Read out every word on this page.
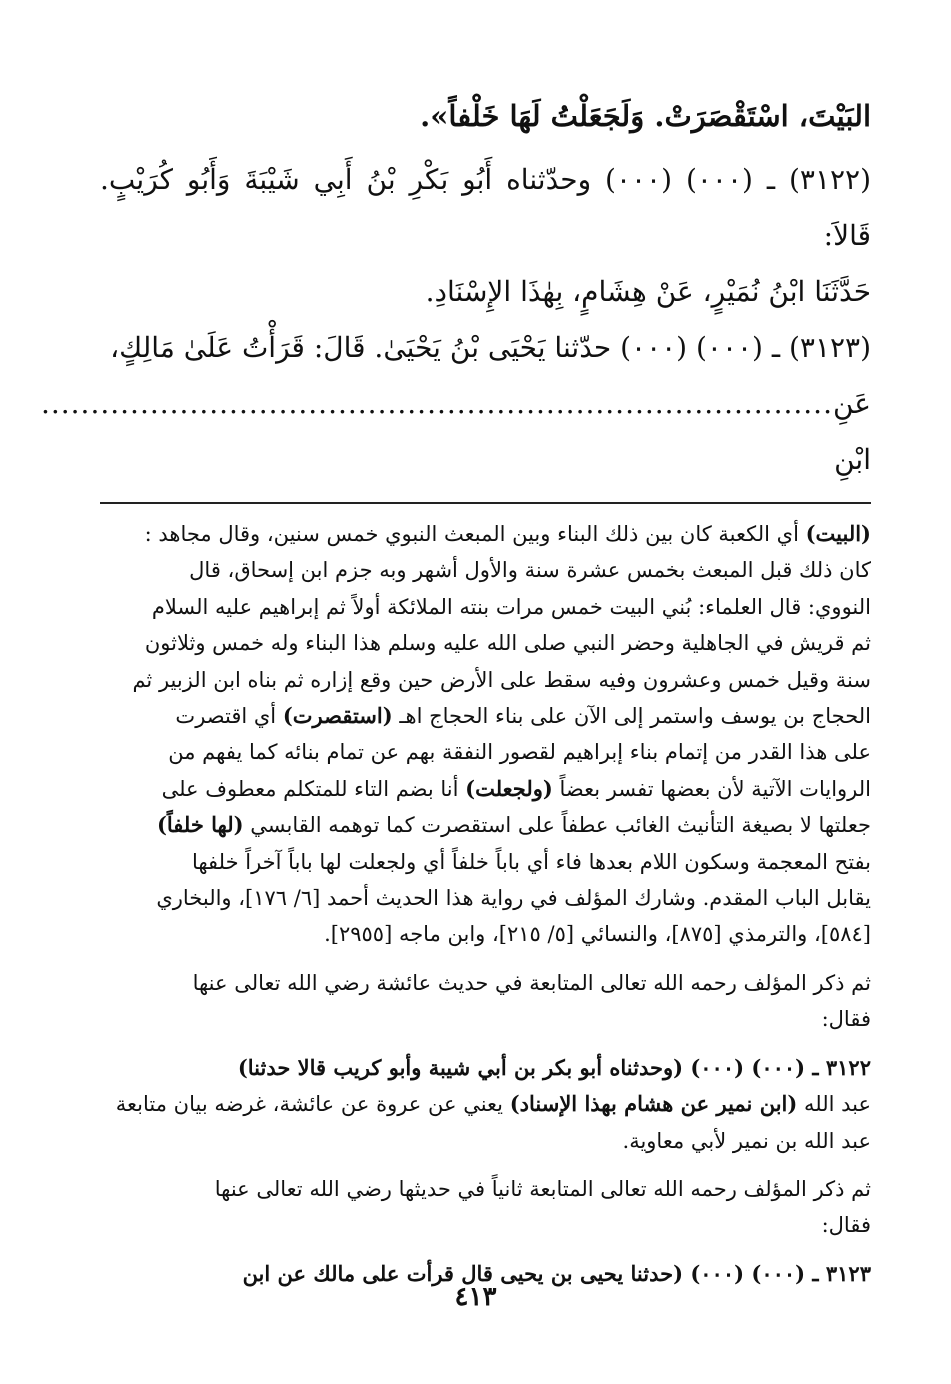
البَيْتَ، اسْتَقْصَرَتْ. وَلَجَعَلْتُ لَهَا خَلْفاً».

(٣١٢٢) ـ (٠٠٠) (٠٠٠) وحدّثناه أَبُو بَكْرِ بْنُ أَبِي شَيْبَةَ وَأَبُو كُرَيْبٍ. قَالاَ:

حَدَّثَنَا ابْنُ نُمَيْرٍ، عَنْ هِشَامٍ، بِهٰذَا الإِسْنَادِ.

(٣١٢٣) ـ (٠٠٠) (٠٠٠) حدّثنا يَحْيَى بْنُ يَحْيَىٰ. قَالَ: قَرَأْتُ عَلَىٰ مَالِكٍ،

عَنِ ابْنِ
................................................................................

(البيت) أي الكعبة كان بين ذلك البناء وبين المبعث النبوي خمس سنين، وقال مجاهد :

كان ذلك قبل المبعث بخمس عشرة سنة والأول أشهر وبه جزم ابن إسحاق، قال

النووي: قال العلماء: بُني البيت خمس مرات بنته الملائكة أولاً ثم إبراهيم عليه السلام

ثم قريش في الجاهلية وحضر النبي صلى الله عليه وسلم هذا البناء وله خمس وثلاثون

سنة وقيل خمس وعشرون وفيه سقط على الأرض حين وقع إزاره ثم بناه ابن الزبير ثم

الحجاج بن يوسف واستمر إلى الآن على بناء الحجاج اهـ (استقصرت) أي اقتصرت

على هذا القدر من إتمام بناء إبراهيم لقصور النفقة بهم عن تمام بنائه كما يفهم من

الروايات الآتية لأن بعضها تفسر بعضاً (ولجعلت) أنا بضم التاء للمتكلم معطوف على

جعلتها لا بصيغة التأنيث الغائب عطفاً على استقصرت كما توهمه القابسي (لها خلفاً)

بفتح المعجمة وسكون اللام بعدها فاء أي باباً خلفاً أي ولجعلت لها باباً آخراً خلفها

يقابل الباب المقدم. وشارك المؤلف في رواية هذا الحديث أحمد [٦/ ١٧٦]، والبخاري

[٥٨٤]، والترمذي [٨٧٥]، والنسائي [٥/ ٢١٥]، وابن ماجه [٢٩٥٥].

ثم ذكر المؤلف رحمه الله تعالى المتابعة في حديث عائشة رضي الله تعالى عنها

فقال:

٣١٢٢ ـ (٠٠٠) (٠٠٠) (وحدثناه أبو بكر بن أبي شيبة وأبو كريب قالا حدثنا)

عبد الله (ابن نمير عن هشام بهذا الإسناد) يعني عن عروة عن عائشة، غرضه بيان متابعة

عبد الله بن نمير لأبي معاوية.

ثم ذكر المؤلف رحمه الله تعالى المتابعة ثانياً في حديثها رضي الله تعالى عنها

فقال:

٣١٢٣ ـ (٠٠٠) (٠٠٠) (حدثنا يحيى بن يحيى قال قرأت على مالك عن ابن

٤١٣
